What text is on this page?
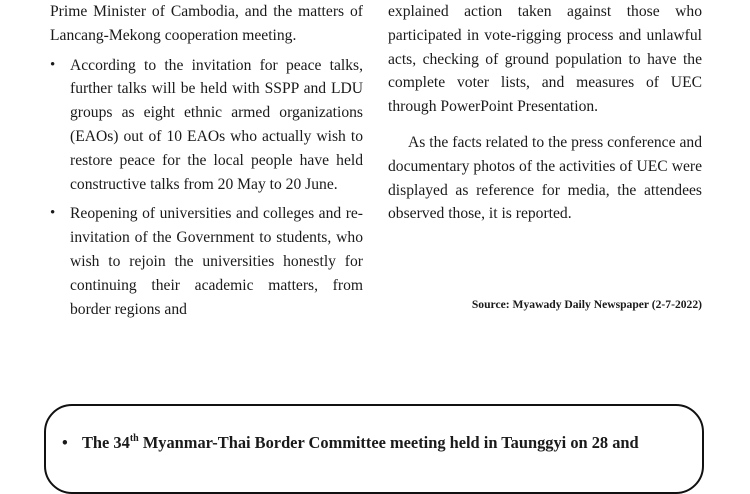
Prime Minister of Cambodia, and the matters of Lancang-Mekong cooperation meeting.

• According to the invitation for peace talks, further talks will be held with SSPP and LDU groups as eight ethnic armed organizations (EAOs) out of 10 EAOs who actually wish to restore peace for the local people have held constructive talks from 20 May to 20 June.
• Reopening of universities and colleges and re-invitation of the Government to students, who wish to rejoin the universities honestly for continuing their academic matters, from border regions and

explained action taken against those who participated in vote-rigging process and unlawful acts, checking of ground population to have the complete voter lists, and measures of UEC through PowerPoint Presentation.

As the facts related to the press conference and documentary photos of the activities of UEC were displayed as reference for media, the attendees observed those, it is reported.

Source: Myawady Daily Newspaper (2-7-2022)
• The 34th Myanmar-Thai Border Committee meeting held in Taunggyi on 28 and
